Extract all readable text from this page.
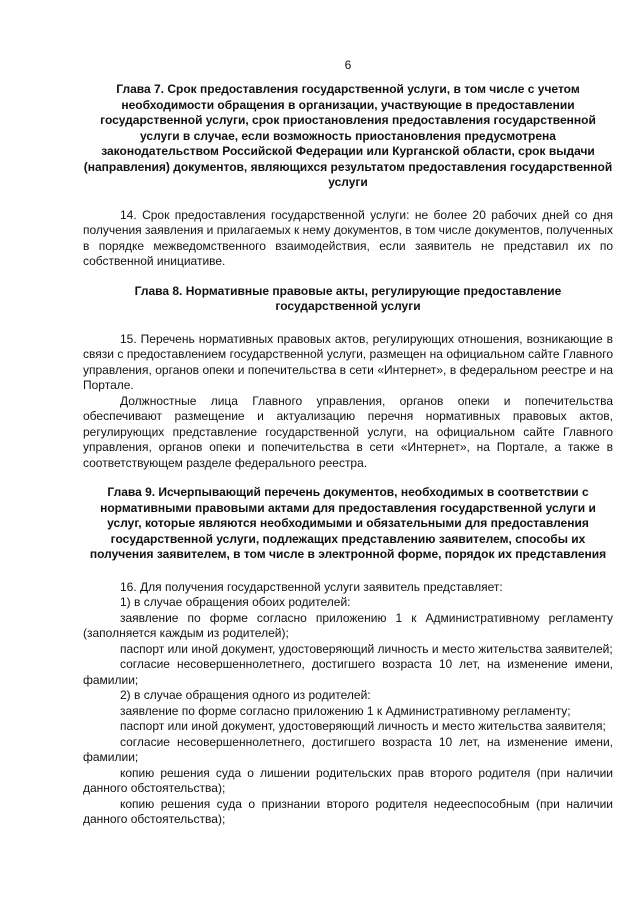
6

Глава 7. Срок предоставления государственной услуги, в том числе с учетом необходимости обращения в организации, участвующие в предоставлении государственной услуги, срок приостановления предоставления государственной услуги в случае, если возможность приостановления предусмотрена законодательством Российской Федерации или Курганской области, срок выдачи (направления) документов, являющихся результатом предоставления государственной услуги

14. Срок предоставления государственной услуги: не более 20 рабочих дней со дня получения заявления и прилагаемых к нему документов, в том числе документов, полученных в порядке межведомственного взаимодействия, если заявитель не представил их по собственной инициативе.

Глава 8. Нормативные правовые акты, регулирующие предоставление государственной услуги

15. Перечень нормативных правовых актов, регулирующих отношения, возникающие в связи с предоставлением государственной услуги, размещен на официальном сайте Главного управления, органов опеки и попечительства в сети «Интернет», в федеральном реестре и на Портале.

Должностные лица Главного управления, органов опеки и попечительства обеспечивают размещение и актуализацию перечня нормативных правовых актов, регулирующих представление государственной услуги, на официальном сайте Главного управления, органов опеки и попечительства в сети «Интернет», на Портале, а также в соответствующем разделе федерального реестра.

Глава 9. Исчерпывающий перечень документов, необходимых в соответствии с нормативными правовыми актами для предоставления государственной услуги и услуг, которые являются необходимыми и обязательными для предоставления государственной услуги, подлежащих представлению заявителем, способы их получения заявителем, в том числе в электронной форме, порядок их представления

16. Для получения государственной услуги заявитель представляет:

1) в случае обращения обоих родителей:

заявление по форме согласно приложению 1 к Административному регламенту (заполняется каждым из родителей);

паспорт или иной документ, удостоверяющий личность и место жительства заявителей;

согласие несовершеннолетнего, достигшего возраста 10 лет, на изменение имени, фамилии;

2) в случае обращения одного из родителей:

заявление по форме согласно приложению 1 к Административному регламенту;

паспорт или иной документ, удостоверяющий личность и место жительства заявителя;

согласие несовершеннолетнего, достигшего возраста 10 лет, на изменение имени, фамилии;

копию решения суда о лишении родительских прав второго родителя (при наличии данного обстоятельства);

копию решения суда о признании второго родителя недееспособным (при наличии данного обстоятельства);
